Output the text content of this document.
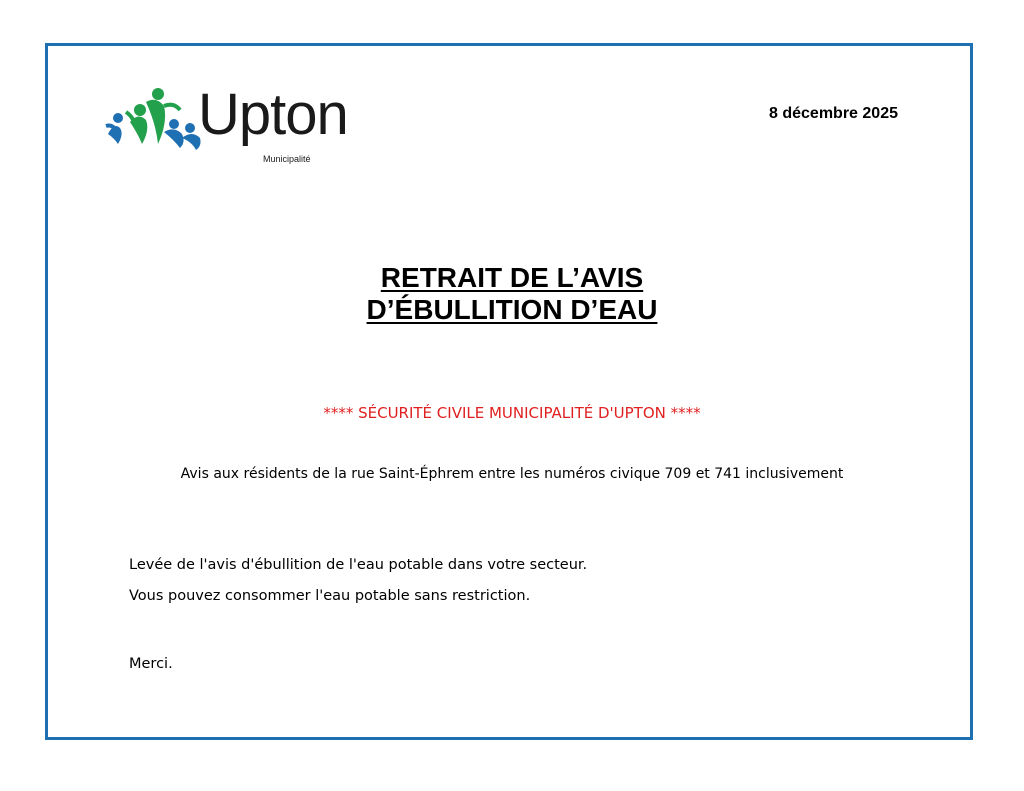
Upton
Municipalité
8 décembre 2025
RETRAIT DE L’AVIS
D’ÉBULLITION D’EAU
**** SÉCURITÉ CIVILE MUNICIPALITÉ D'UPTON ****
Avis aux résidents de la rue Saint-Éphrem entre les numéros civique 709 et 741 inclusivement
Levée de l'avis d'ébullition de l'eau potable dans votre secteur.
Vous pouvez consommer l'eau potable sans restriction.
Merci.
